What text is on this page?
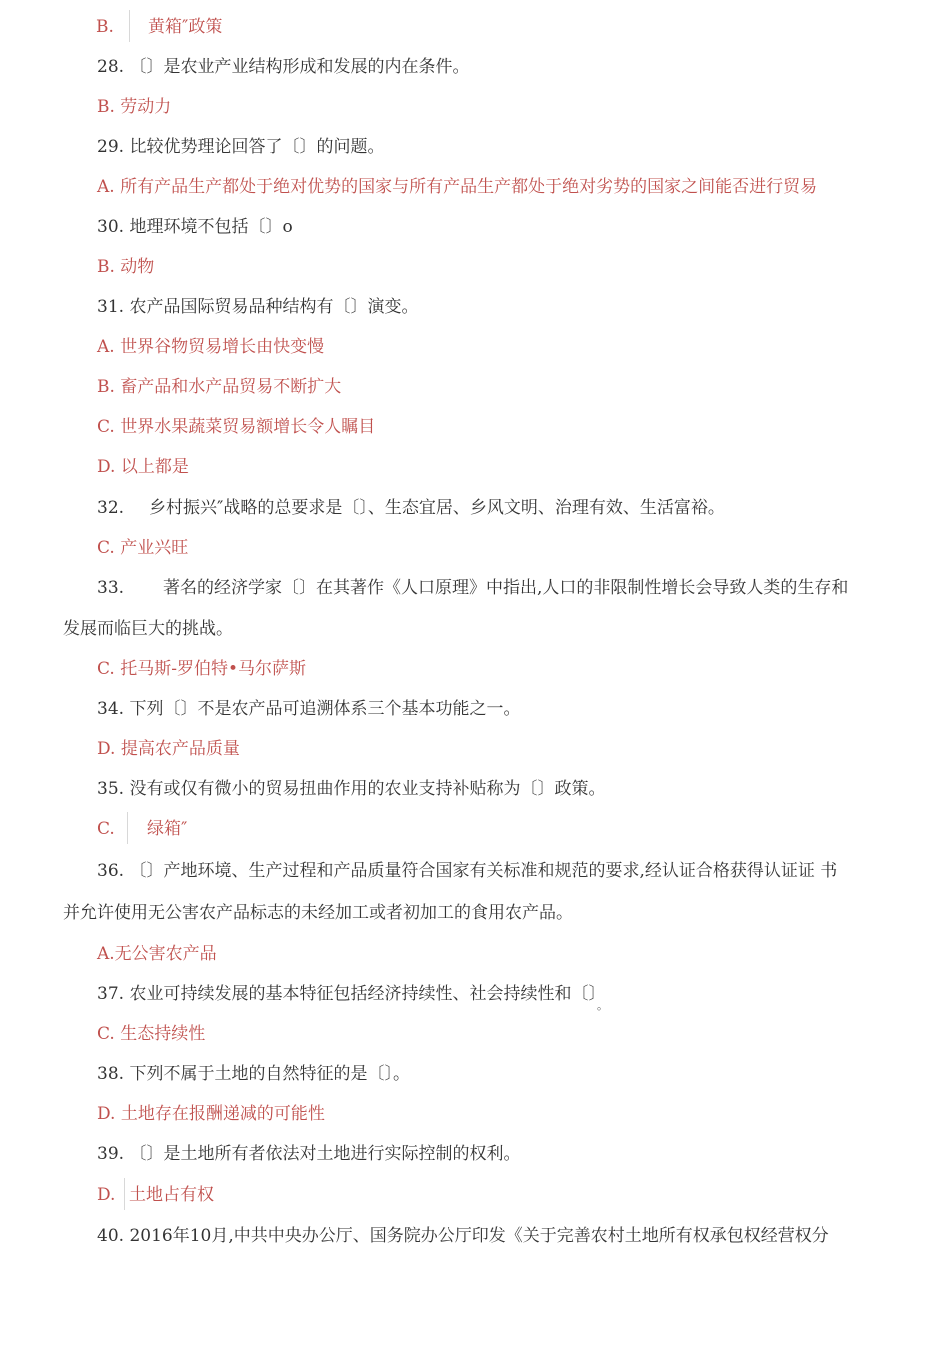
B. 黄箱″政策
28. 〔〕是农业产业结构形成和发展的内在条件。
B. 劳动力
29. 比较优势理论回答了〔〕的问题。
A. 所有产品生产都处于绝对优势的国家与所有产品生产都处于绝对劣势的国家之间能否进行贸易
30. 地理环境不包括〔〕o
B. 动物
31. 农产品国际贸易品种结构有〔〕演变。
A. 世界谷物贸易增长由快变慢
B. 畜产品和水产品贸易不断扩大
C. 世界水果蔬菜贸易额增长令人瞩目
D. 以上都是
32. 乡村振兴″战略的总要求是〔〕、生态宜居、乡风文明、治理有效、生活富裕。
C. 产业兴旺
33. 著名的经济学家〔〕在其著作《人口原理》中指出,人口的非限制性增长会导致人类的生存和
发展而临巨大的挑战。
C. 托马斯-罗伯特•马尔萨斯
34. 下列〔〕不是农产品可追溯体系三个基本功能之一。
D. 提高农产品质量
35. 没有或仅有微小的贸易扭曲作用的农业支持补贴称为〔〕政策。
C. 绿箱″
36. 〔〕产地环境、生产过程和产品质量符合国家有关标准和规范的要求,经认证合格获得认证证 书
并允许使用无公害农产品标志的未经加工或者初加工的食用农产品。
A.无公害农产品
37. 农业可持续发展的基本特征包括经济持续性、社会持续性和〔〕$_。$
C. 生态持续性
38. 下列不属于土地的自然特征的是〔〕。
D. 土地存在报酬递减的可能性
39. 〔〕是土地所有者依法对土地进行实际控制的权利。
D. 土地占有权
40. 2016年10月,中共中央办公厅、国务院办公厅印发《关于完善农村土地所有权承包权经营权分
